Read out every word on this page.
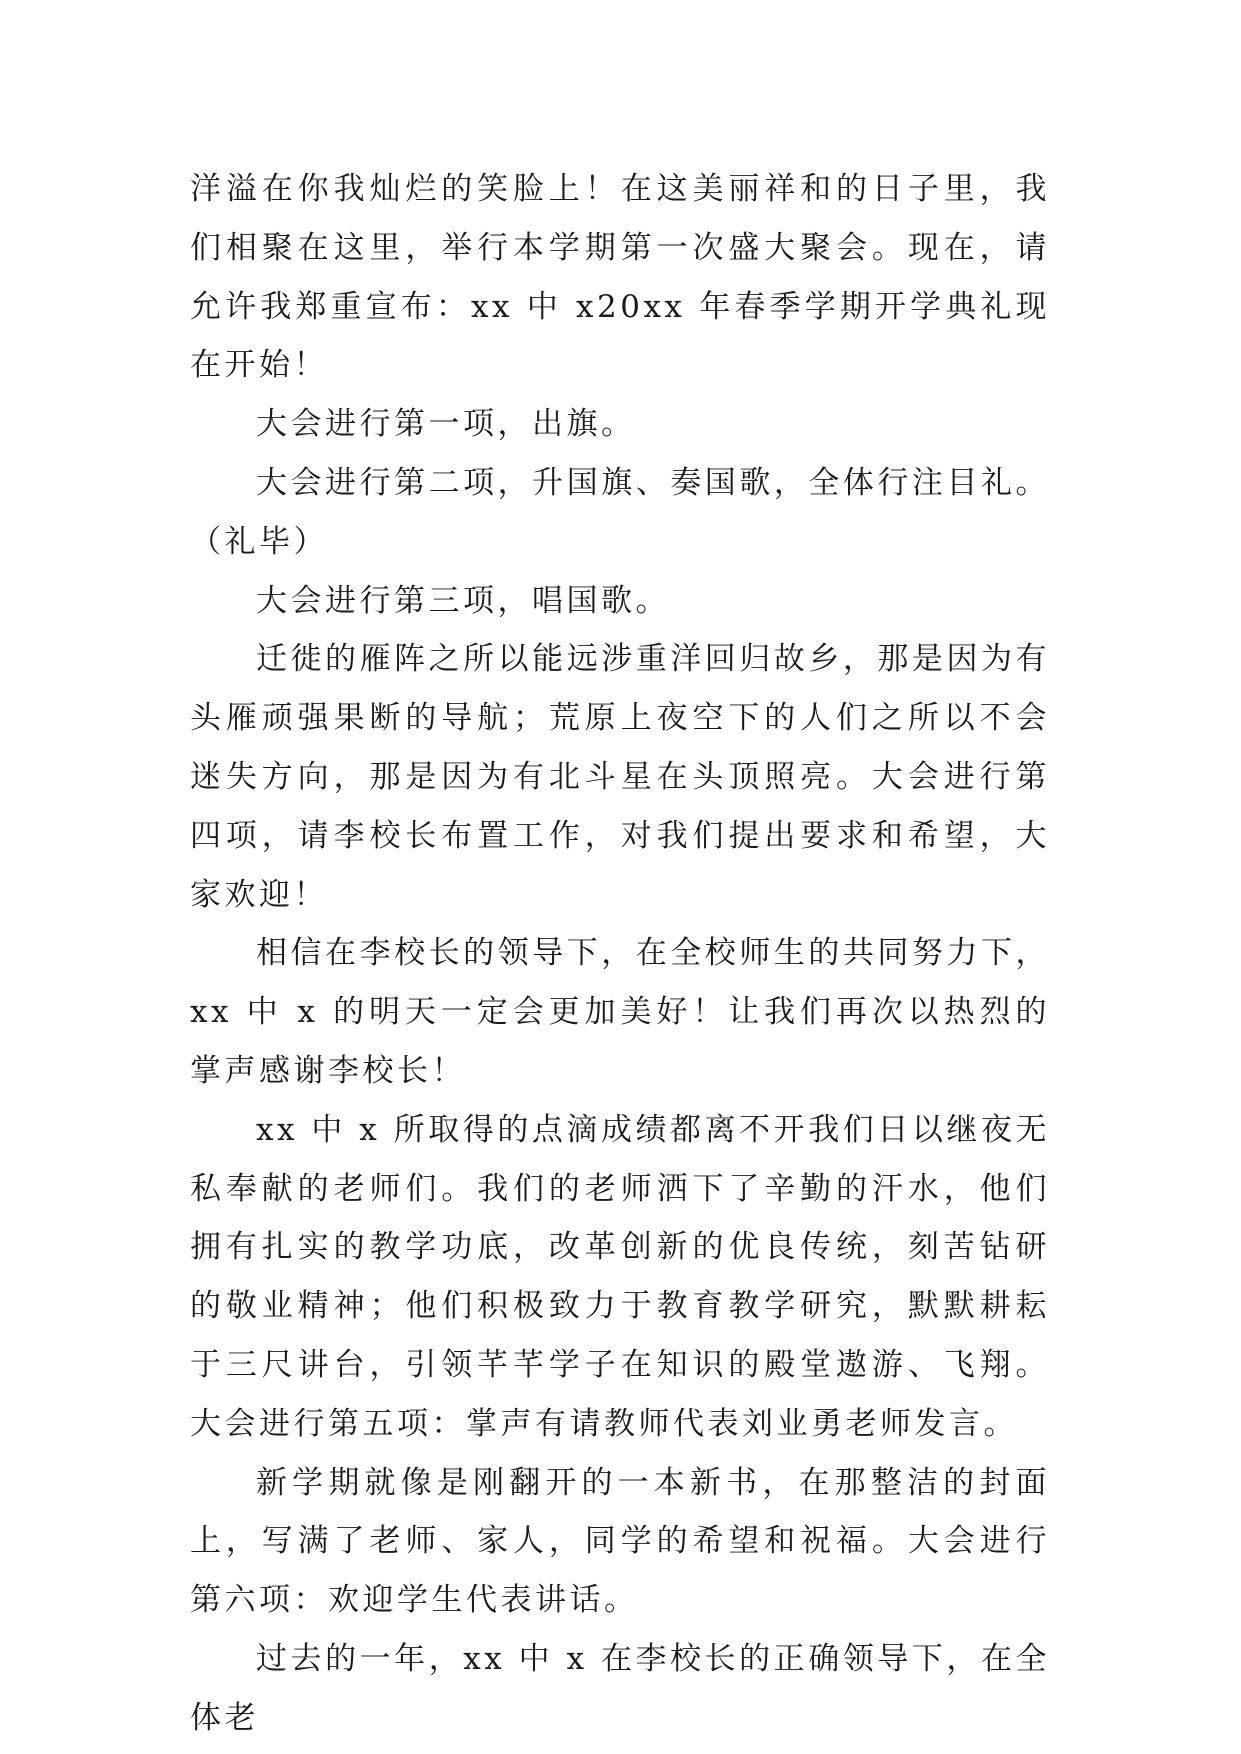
洋溢在你我灿烂的笑脸上！在这美丽祥和的日子里，我们相聚在这里，举行本学期第一次盛大聚会。现在，请允许我郑重宣布：xx 中 x20xx 年春季学期开学典礼现在开始！

大会进行第一项，出旗。

大会进行第二项，升国旗、奏国歌，全体行注目礼。（礼毕）

大会进行第三项，唱国歌。

迁徙的雁阵之所以能远涉重洋回归故乡，那是因为有头雁顽强果断的导航；荒原上夜空下的人们之所以不会迷失方向，那是因为有北斗星在头顶照亮。大会进行第四项，请李校长布置工作，对我们提出要求和希望，大家欢迎！

相信在李校长的领导下，在全校师生的共同努力下，xx 中 x 的明天一定会更加美好！让我们再次以热烈的掌声感谢李校长！

xx 中 x 所取得的点滴成绩都离不开我们日以继夜无私奉献的老师们。我们的老师洒下了辛勤的汗水，他们拥有扎实的教学功底，改革创新的优良传统，刻苦钻研的敬业精神；他们积极致力于教育教学研究，默默耕耘于三尺讲台，引领芊芊学子在知识的殿堂遨游、飞翔。大会进行第五项：掌声有请教师代表刘业勇老师发言。

新学期就像是刚翻开的一本新书，在那整洁的封面上，写满了老师、家人，同学的希望和祝福。大会进行第六项：欢迎学生代表讲话。

过去的一年，xx 中 x 在李校长的正确领导下，在全体老
